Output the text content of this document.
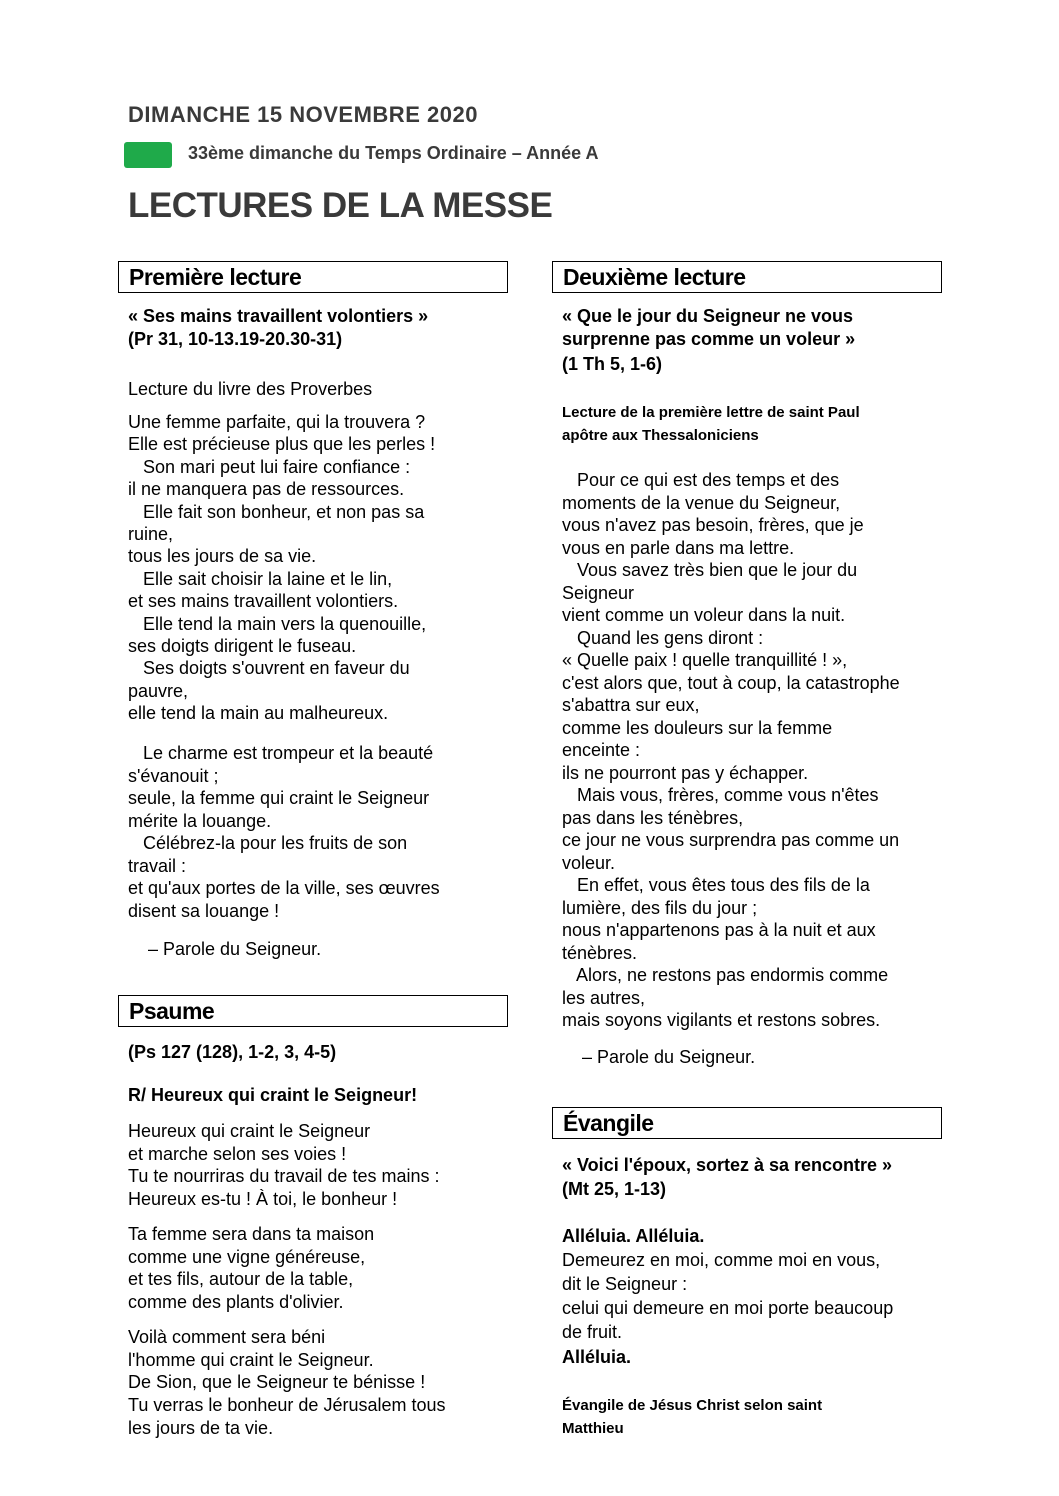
DIMANCHE 15 NOVEMBRE 2020
33ème dimanche du Temps Ordinaire – Année A
LECTURES DE LA MESSE
Première lecture

« Ses mains travaillent volontiers »

(Pr 31, 10-13.19-20.30-31)

Lecture du livre des Proverbes

Une femme parfaite, qui la trouvera ?

Elle est précieuse plus que les perles !

Son mari peut lui faire confiance :

il ne manquera pas de ressources.

Elle fait son bonheur, et non pas sa

ruine,

tous les jours de sa vie.

Elle sait choisir la laine et le lin,

et ses mains travaillent volontiers.

Elle tend la main vers la quenouille,

ses doigts dirigent le fuseau.

Ses doigts s'ouvrent en faveur du

pauvre,

elle tend la main au malheureux.

Le charme est trompeur et la beauté

s'évanouit ;

seule, la femme qui craint le Seigneur

mérite la louange.

Célébrez-la pour les fruits de son

travail :

et qu'aux portes de la ville, ses œuvres

disent sa louange !

– Parole du Seigneur.

Psaume

(Ps 127 (128), 1-2, 3, 4-5)

R/ Heureux qui craint le Seigneur!

Heureux qui craint le Seigneur

et marche selon ses voies !

Tu te nourriras du travail de tes mains :

Heureux es-tu ! À toi, le bonheur !

Ta femme sera dans ta maison

comme une vigne généreuse,

et tes fils, autour de la table,

comme des plants d'olivier.

Voilà comment sera béni

l'homme qui craint le Seigneur.

De Sion, que le Seigneur te bénisse !

Tu verras le bonheur de Jérusalem tous

les jours de ta vie.

Deuxième lecture

« Que le jour du Seigneur ne vous

surprenne pas comme un voleur »

(1 Th 5, 1-6)

Lecture de la première lettre de saint Paul

apôtre aux Thessaloniciens

Pour ce qui est des temps et des

moments de la venue du Seigneur,

vous n'avez pas besoin, frères, que je

vous en parle dans ma lettre.

Vous savez très bien que le jour du

Seigneur

vient comme un voleur dans la nuit.

Quand les gens diront :

« Quelle paix ! quelle tranquillité ! »,

c'est alors que, tout à coup, la catastrophe

s'abattra sur eux,

comme les douleurs sur la femme

enceinte :

ils ne pourront pas y échapper.

Mais vous, frères, comme vous n'êtes

pas dans les ténèbres,

ce jour ne vous surprendra pas comme un

voleur.

En effet, vous êtes tous des fils de la

lumière, des fils du jour ;

nous n'appartenons pas à la nuit et aux

ténèbres.

Alors, ne restons pas endormis comme

les autres,

mais soyons vigilants et restons sobres.

– Parole du Seigneur.

Évangile

« Voici l'époux, sortez à sa rencontre »

(Mt 25, 1-13)

Alléluia. Alléluia.

Demeurez en moi, comme moi en vous,

dit le Seigneur :

celui qui demeure en moi porte beaucoup

de fruit.

Alléluia.

Évangile de Jésus Christ selon saint

Matthieu
